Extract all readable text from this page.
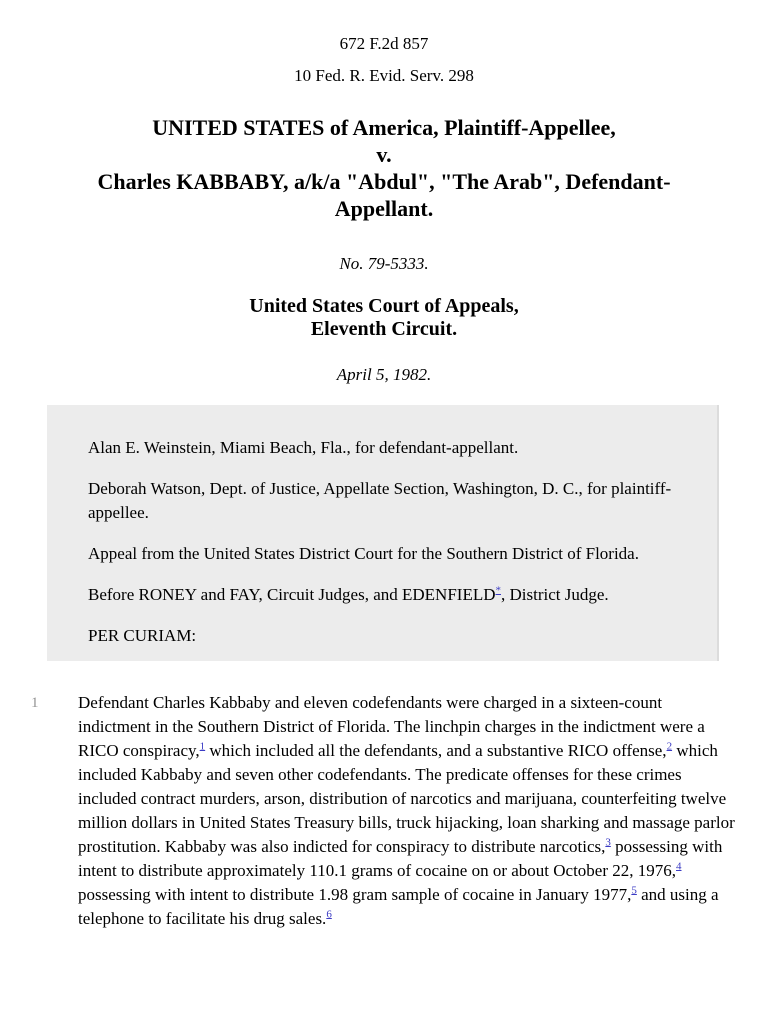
672 F.2d 857
10 Fed. R. Evid. Serv. 298
UNITED STATES of America, Plaintiff-Appellee,
v.
Charles KABBABY, a/k/a "Abdul", "The Arab", Defendant-Appellant.
No. 79-5333.
United States Court of Appeals,
Eleventh Circuit.
April 5, 1982.

Alan E. Weinstein, Miami Beach, Fla., for defendant-appellant.

Deborah Watson, Dept. of Justice, Appellate Section, Washington, D. C., for plaintiff-appellee.

Appeal from the United States District Court for the Southern District of Florida.

Before RONEY and FAY, Circuit Judges, and EDENFIELD*, District Judge.

PER CURIAM:

1	Defendant Charles Kabbaby and eleven codefendants were charged in a sixteen-count indictment in the Southern District of Florida. The linchpin charges in the indictment were a RICO conspiracy,$^1$ which included all the defendants, and a substantive RICO offense,$^2$ which included Kabbaby and seven other codefendants. The predicate offenses for these crimes included contract murders, arson, distribution of narcotics and marijuana, counterfeiting twelve million dollars in United States Treasury bills, truck hijacking, loan sharking and massage parlor prostitution. Kabbaby was also indicted for conspiracy to distribute narcotics,$^3$ possessing with intent to distribute approximately 110.1 grams of cocaine on or about October 22, 1976,$^4$ possessing with intent to distribute 1.98 gram sample of cocaine in January 1977,$^5$ and using a telephone to facilitate his drug sales.$^6$
